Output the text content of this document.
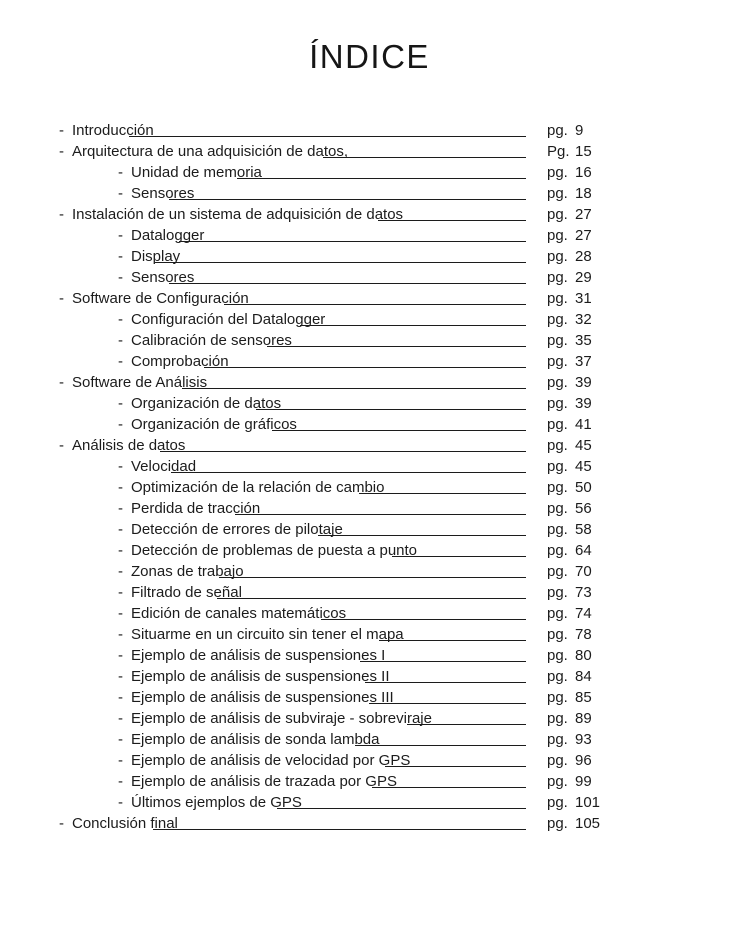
ÍNDICE
- Introducción	pg. 9
- Arquitectura de una adquisición de datos,	Pg. 15
- Unidad de memoria	pg. 16
- Sensores	pg. 18
- Instalación de un sistema de adquisición de datos	pg. 27
- Datalogger	pg. 27
- Display	pg. 28
- Sensores	pg. 29
- Software de Configuración	pg. 31
- Configuración del Datalogger	pg. 32
- Calibración de sensores	pg. 35
- Comprobación	pg. 37
- Software de Análisis	pg. 39
- Organización de datos	pg. 39
- Organización de gráficos	pg. 41
- Análisis de datos	pg. 45
- Velocidad	pg. 45
- Optimización de la relación de cambio	pg. 50
- Perdida de tracción	pg. 56
- Detección de errores de pilotaje	pg. 58
- Detección de problemas de puesta a punto	pg. 64
- Zonas de trabajo	pg. 70
- Filtrado de señal	pg. 73
- Edición de canales matemáticos	pg. 74
- Situarme en un circuito sin tener el mapa	pg. 78
- Ejemplo de análisis de suspensiones I	pg. 80
- Ejemplo de análisis de suspensiones II	pg. 84
- Ejemplo de análisis de suspensiones III	pg. 85
- Ejemplo de análisis de subviraje - sobreviraje	pg. 89
- Ejemplo de análisis de sonda lambda	pg. 93
- Ejemplo de análisis de velocidad por GPS	pg. 96
- Ejemplo de análisis de trazada por GPS	pg. 99
- Últimos ejemplos de GPS	pg. 101
- Conclusión final	pg. 105
